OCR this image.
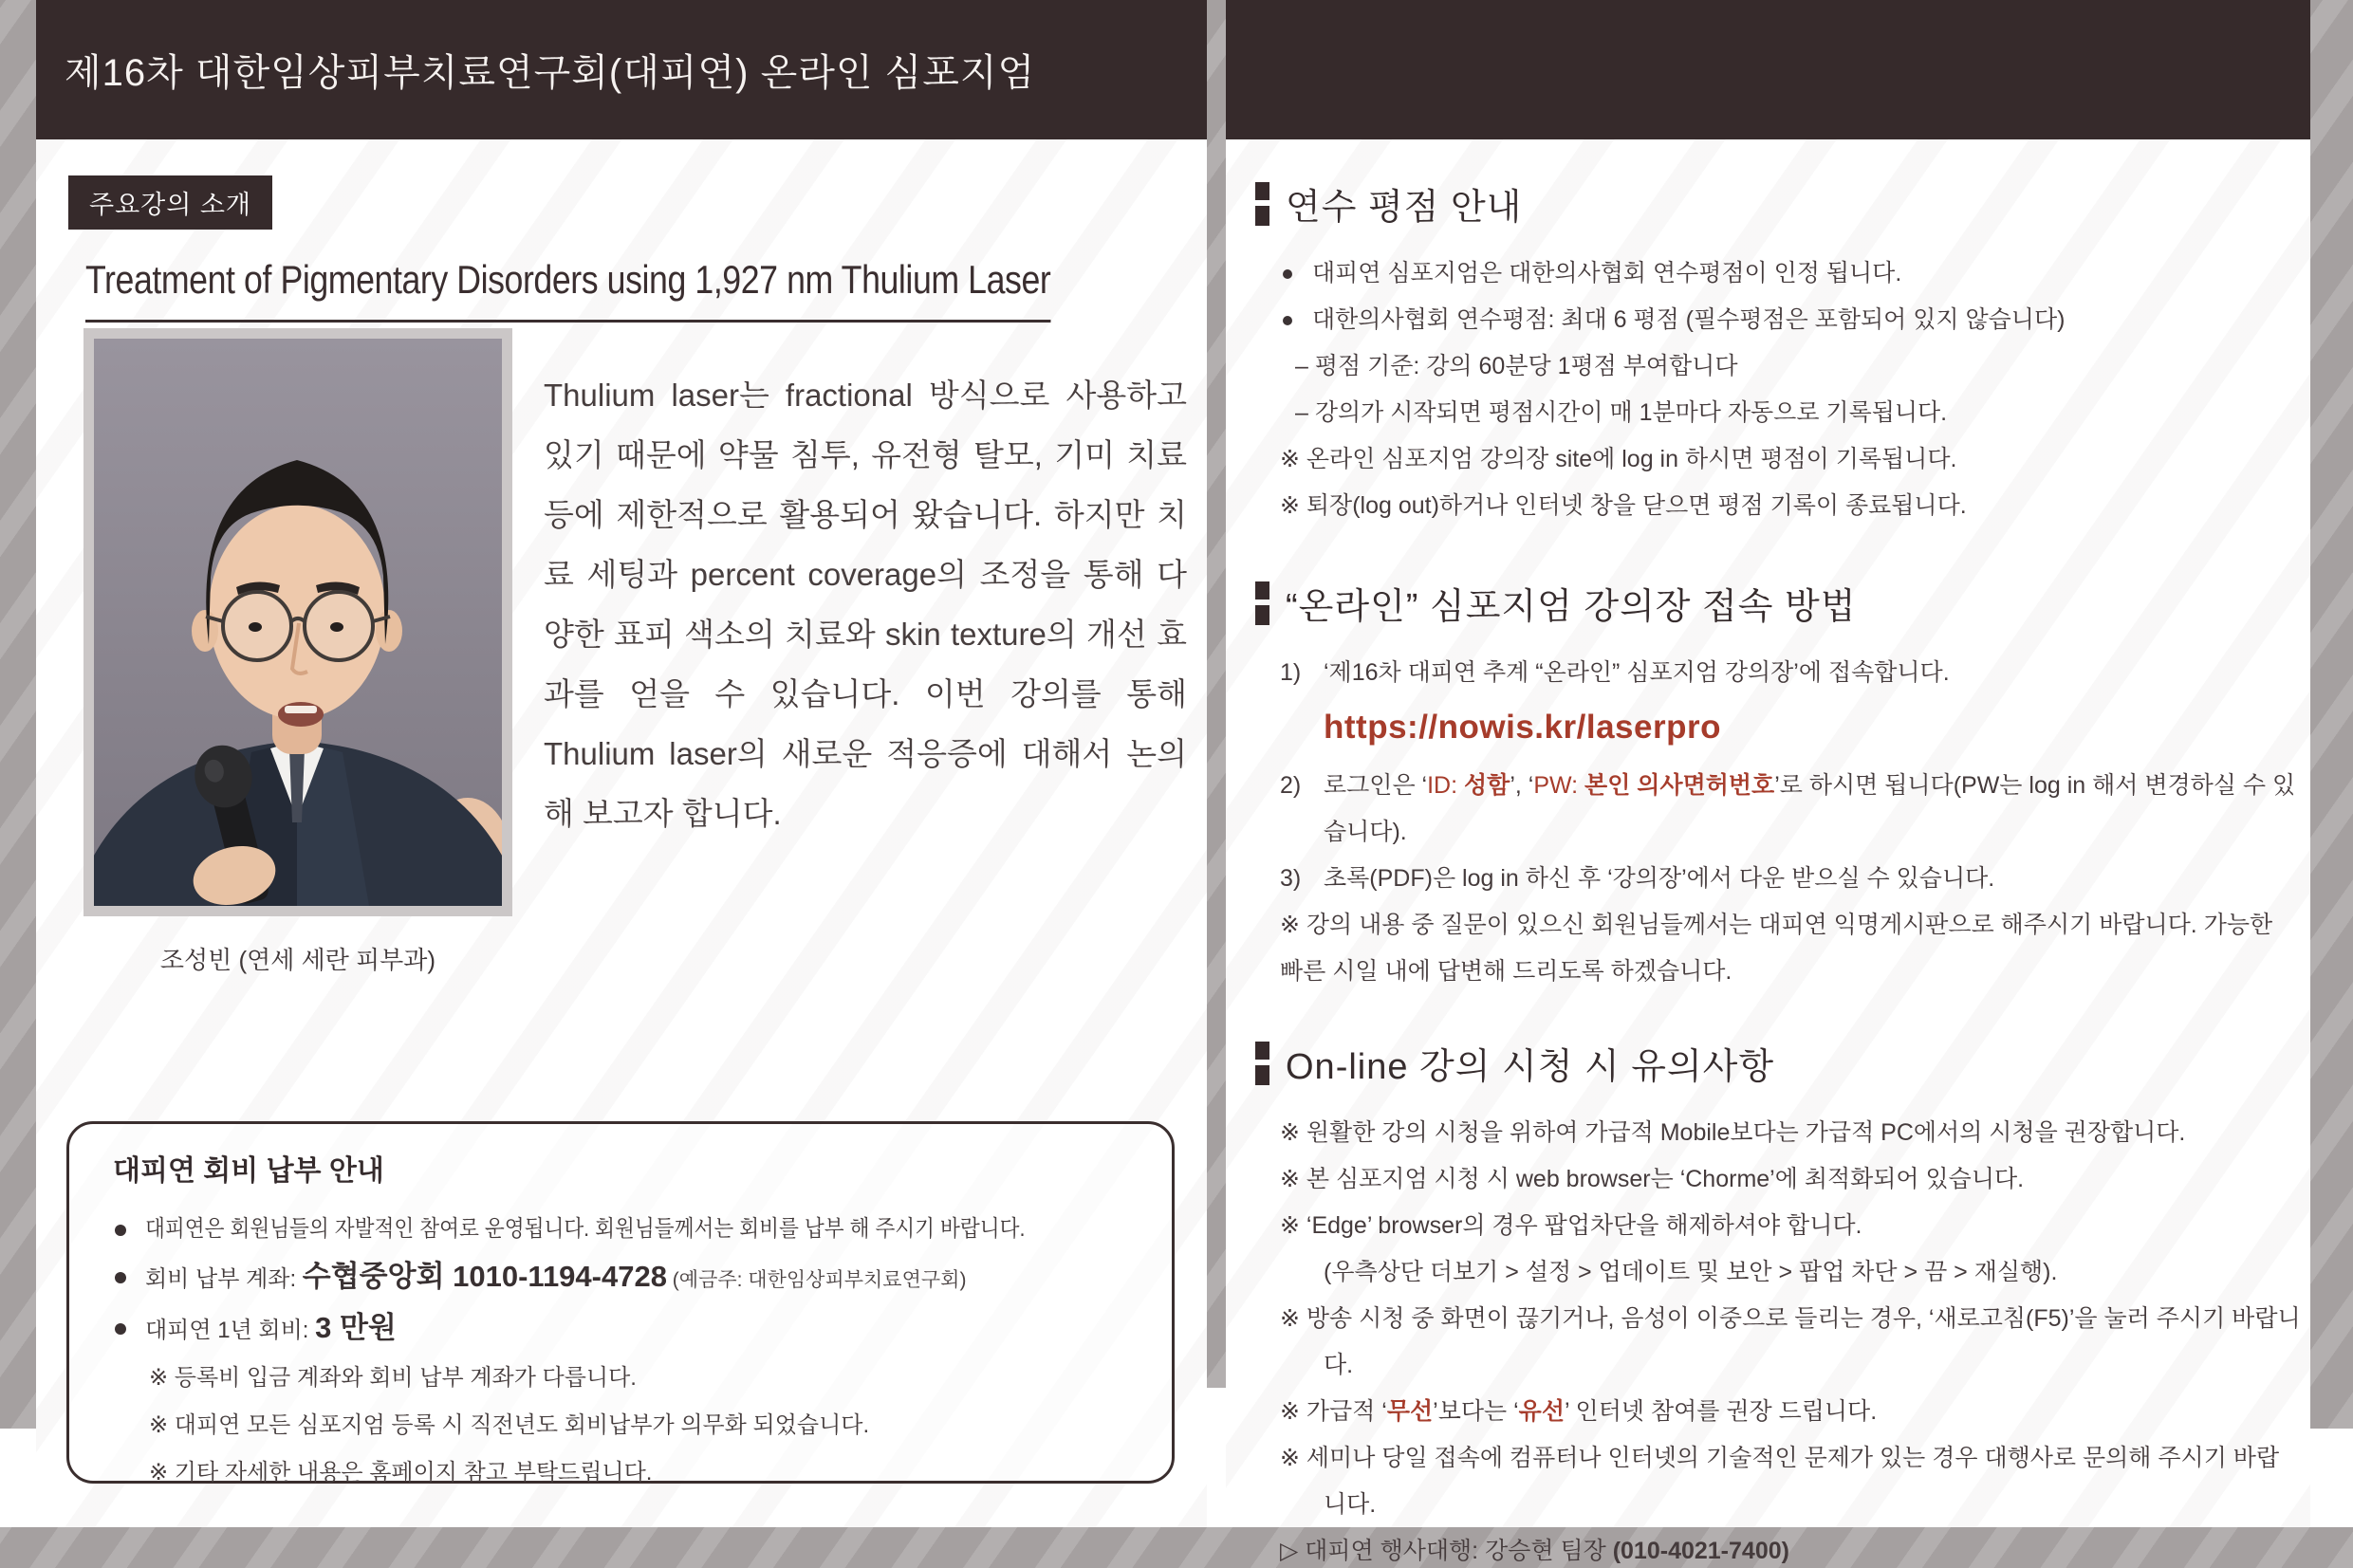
제16차 대한임상피부치료연구회(대피연) 온라인 심포지엄
주요강의 소개
Treatment of Pigmentary Disorders using 1,927 nm Thulium Laser
조성빈 (연세 세란 피부과)

Thulium laser는 fractional 방식으로 사용하고 있기 때문에 약물 침투, 유전형 탈모, 기미 치료 등에 제한적으로 활용되어 왔습니다. 하지만 치료 세팅과 percent coverage의 조정을 통해 다양한 표피 색소의 치료와 skin texture의 개선 효과를 얻을 수 있습니다. 이번 강의를 통해 Thulium laser의 새로운 적응증에 대해서 논의해 보고자 합니다.

대피연 회비 납부 안내
대피연은 회원님들의 자발적인 참여로 운영됩니다. 회원님들께서는 회비를 납부 해 주시기 바랍니다.
회비 납부 계좌: 수협중앙회 1010-1194-4728 (예금주: 대한임상피부치료연구회)
대피연 1년 회비: 3 만원
※ 등록비 입금 계좌와 회비 납부 계좌가 다릅니다.
※ 대피연 모든 심포지엄 등록 시 직전년도 회비납부가 의무화 되었습니다.
※ 기타 자세한 내용은 홈페이지 참고 부탁드립니다.
연수 평점 안내
대피연 심포지엄은 대한의사협회 연수평점이 인정 됩니다.
대한의사협회 연수평점: 최대 6 평점 (필수평점은 포함되어 있지 않습니다)
– 평점 기준: 강의 60분당 1평점 부여합니다
– 강의가 시작되면 평점시간이 매 1분마다 자동으로 기록됩니다.
※ 온라인 심포지엄 강의장 site에 log in 하시면 평점이 기록됩니다.
※ 퇴장(log out)하거나 인터넷 창을 닫으면 평점 기록이 종료됩니다.
“온라인” 심포지엄 강의장 접속 방법
1) ‘제16차 대피연 추계 “온라인” 심포지엄 강의장’에 접속합니다.
https://nowis.kr/laserpro
2) 로그인은 ‘ID: 성함’, ‘PW: 본인 의사면허번호’로 하시면 됩니다(PW는 log in 해서 변경하실 수 있습니다).
3) 초록(PDF)은 log in 하신 후 ‘강의장’에서 다운 받으실 수 있습니다.
※ 강의 내용 중 질문이 있으신 회원님들께서는 대피연 익명게시판으로 해주시기 바랍니다. 가능한 빠른 시일 내에 답변해 드리도록 하겠습니다.
On-line 강의 시청 시 유의사항
※ 원활한 강의 시청을 위하여 가급적 Mobile보다는 가급적 PC에서의 시청을 권장합니다.
※ 본 심포지엄 시청 시 web browser는 ‘Chorme’에 최적화되어 있습니다.
※ ‘Edge’ browser의 경우 팝업차단을 해제하셔야 합니다.
(우측상단 더보기 > 설정 > 업데이트 및 보안 > 팝업 차단 > 끔 > 재실행).
※ 방송 시청 중 화면이 끊기거나, 음성이 이중으로 들리는 경우, ‘새로고침(F5)’을 눌러 주시기 바랍니다.
※ 가급적 ‘무선’보다는 ‘유선’ 인터넷 참여를 권장 드립니다.
※ 세미나 당일 접속에 컴퓨터나 인터넷의 기술적인 문제가 있는 경우 대행사로 문의해 주시기 바랍니다.
▷ 대피연 행사대행: 강승현 팀장 (010-4021-7400)
